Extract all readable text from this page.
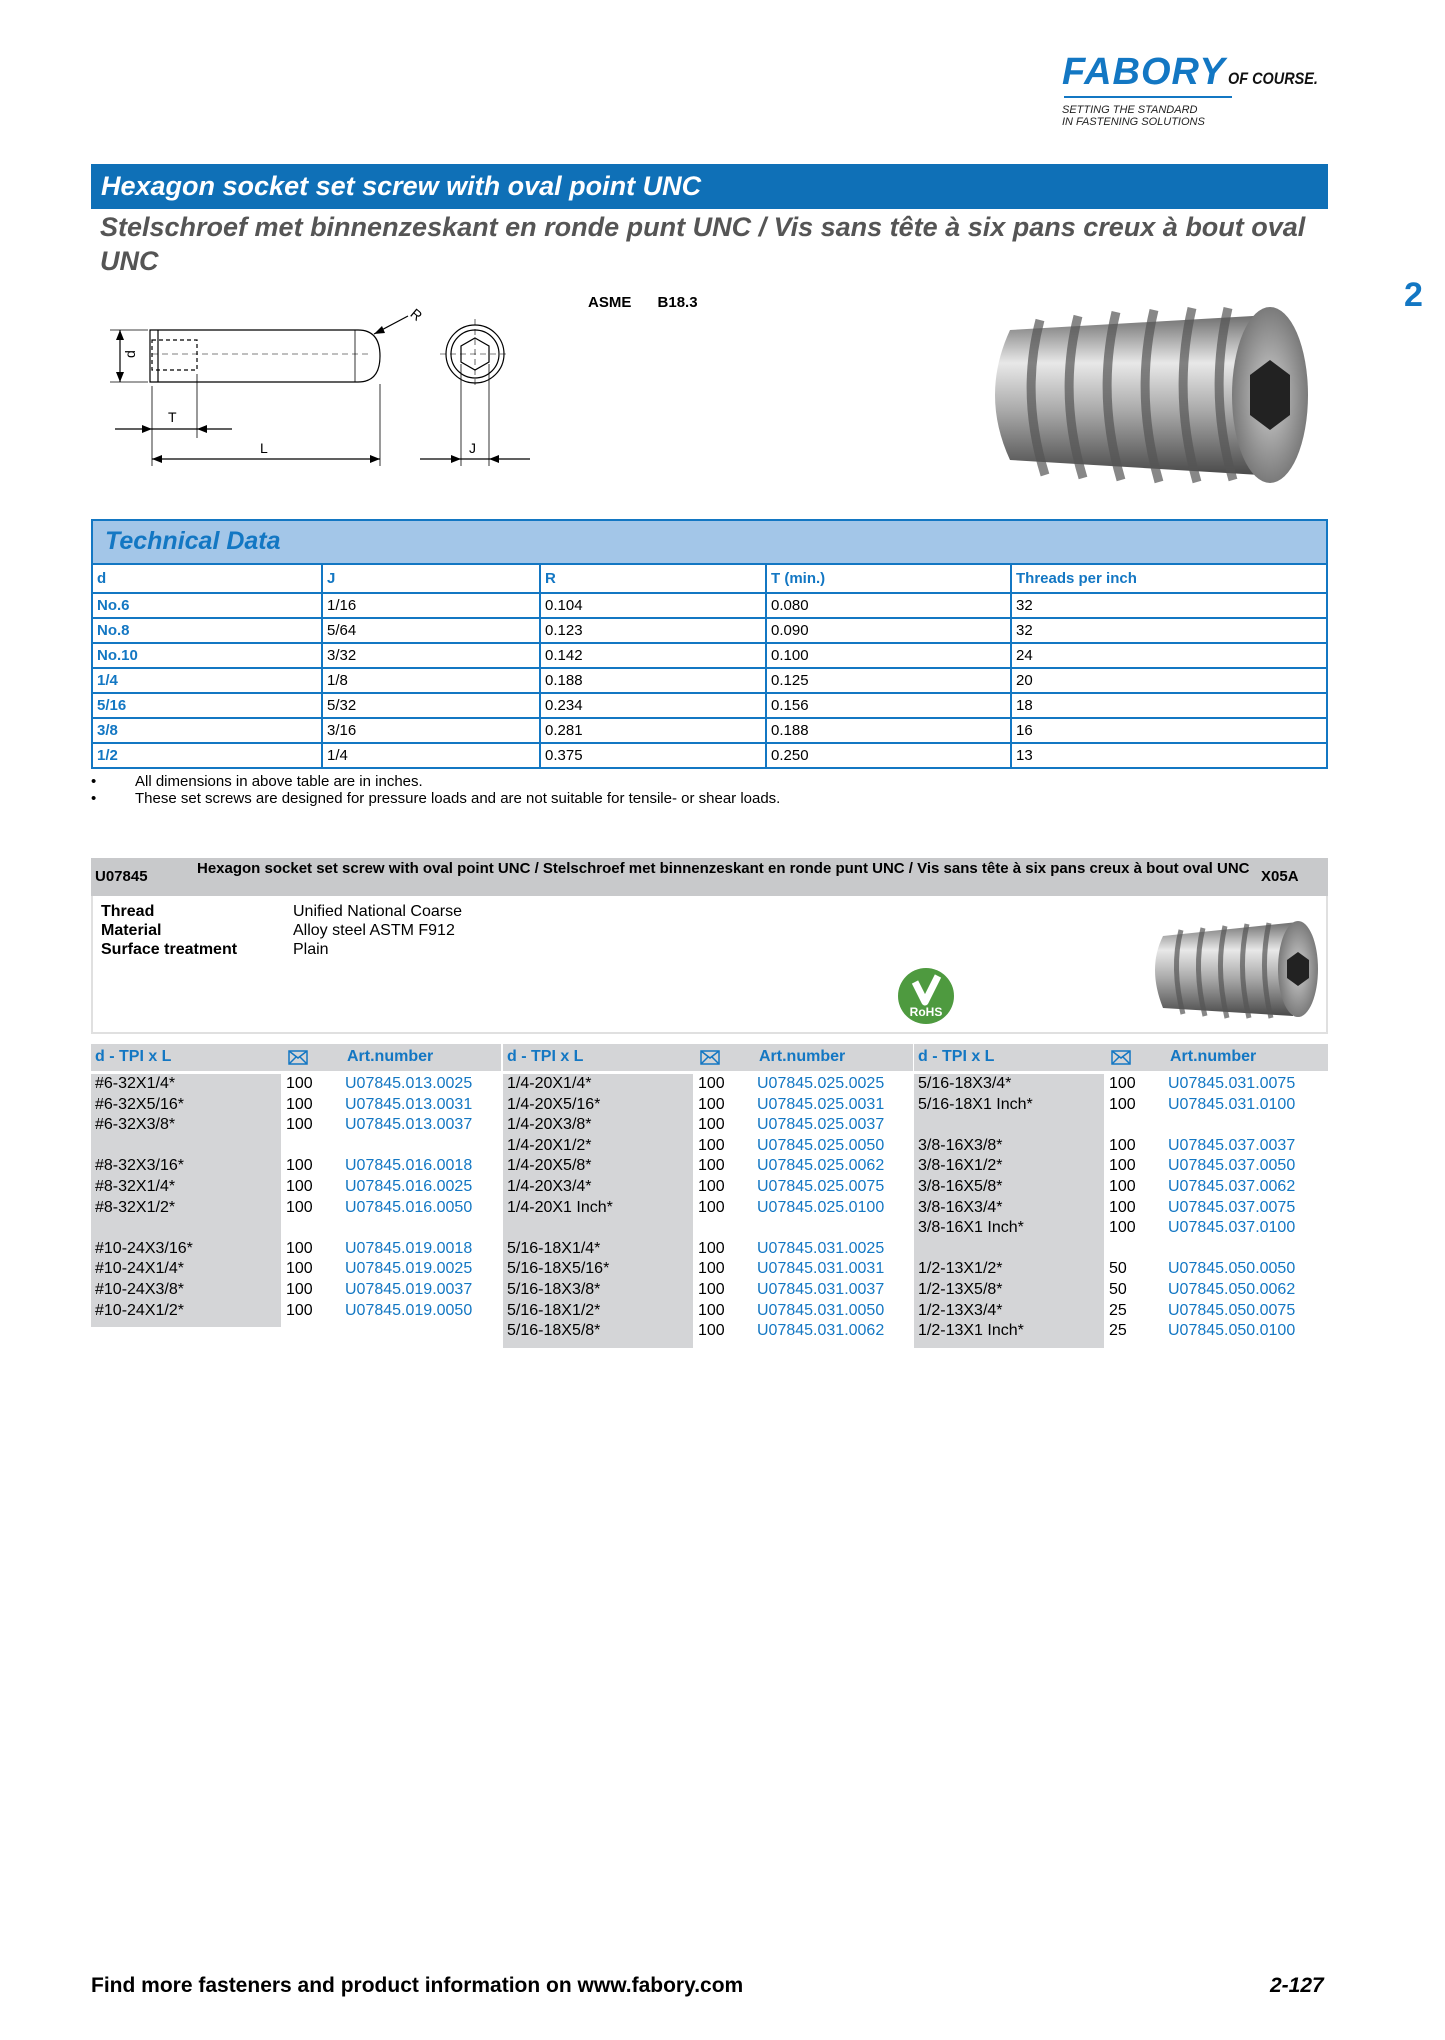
FABORY OF COURSE.
SETTING THE STANDARD
IN FASTENING SOLUTIONS
2
Hexagon socket set screw with oval point UNC
Stelschroef met binnenzeskant en ronde punt UNC / Vis sans tête à six pans creux à bout oval UNC
ASME B18.3
d
T
L
R
J
Technical Data
d	J	R	T (min.)	Threads per inch
No.6	1/16	0.104	0.080	32
No.8	5/64	0.123	0.090	32
No.10	3/32	0.142	0.100	24
1/4	1/8	0.188	0.125	20
5/16	5/32	0.234	0.156	18
3/8	3/16	0.281	0.188	16
1/2	1/4	0.375	0.250	13
• All dimensions in above table are in inches.
• These set screws are designed for pressure loads and are not suitable for tensile- or shear loads.
U07845	Hexagon socket set screw with oval point UNC / Stelschroef met binnenzeskant en ronde punt UNC / Vis sans tête à six pans creux à bout oval UNC X05A
Thread	Unified National Coarse
Material	Alloy steel ASTM F912
Surface treatment	Plain
RoHS
d - TPI x L	Art.number	d - TPI x L	Art.number	d - TPI x L	Art.number
#6-32X1/4*	100 U07845.013.0025
#6-32X5/16*	100 U07845.013.0031
#6-32X3/8*	100 U07845.013.0037
#8-32X3/16*	100 U07845.016.0018
#8-32X1/4*	100 U07845.016.0025
#8-32X1/2*	100 U07845.016.0050
#10-24X3/16*	100 U07845.019.0018
#10-24X1/4*	100 U07845.019.0025
#10-24X3/8*	100 U07845.019.0037
#10-24X1/2*	100 U07845.019.0050
1/4-20X1/4*	100 U07845.025.0025
1/4-20X5/16*	100 U07845.025.0031
1/4-20X3/8*	100 U07845.025.0037
1/4-20X1/2*	100 U07845.025.0050
1/4-20X5/8*	100 U07845.025.0062
1/4-20X3/4*	100 U07845.025.0075
1/4-20X1 Inch*	100 U07845.025.0100
5/16-18X1/4*	100 U07845.031.0025
5/16-18X5/16*	100 U07845.031.0031
5/16-18X3/8*	100 U07845.031.0037
5/16-18X1/2*	100 U07845.031.0050
5/16-18X5/8*	100 U07845.031.0062
5/16-18X3/4*	100 U07845.031.0075
5/16-18X1 Inch*	100 U07845.031.0100
3/8-16X3/8*	100 U07845.037.0037
3/8-16X1/2*	100 U07845.037.0050
3/8-16X5/8*	100 U07845.037.0062
3/8-16X3/4*	100 U07845.037.0075
3/8-16X1 Inch*	100 U07845.037.0100
1/2-13X1/2*	50	U07845.050.0050
1/2-13X5/8*	50	U07845.050.0062
1/2-13X3/4*	25	U07845.050.0075
1/2-13X1 Inch*	25	U07845.050.0100
Find more fasteners and product information on www.fabory.com	2-127
